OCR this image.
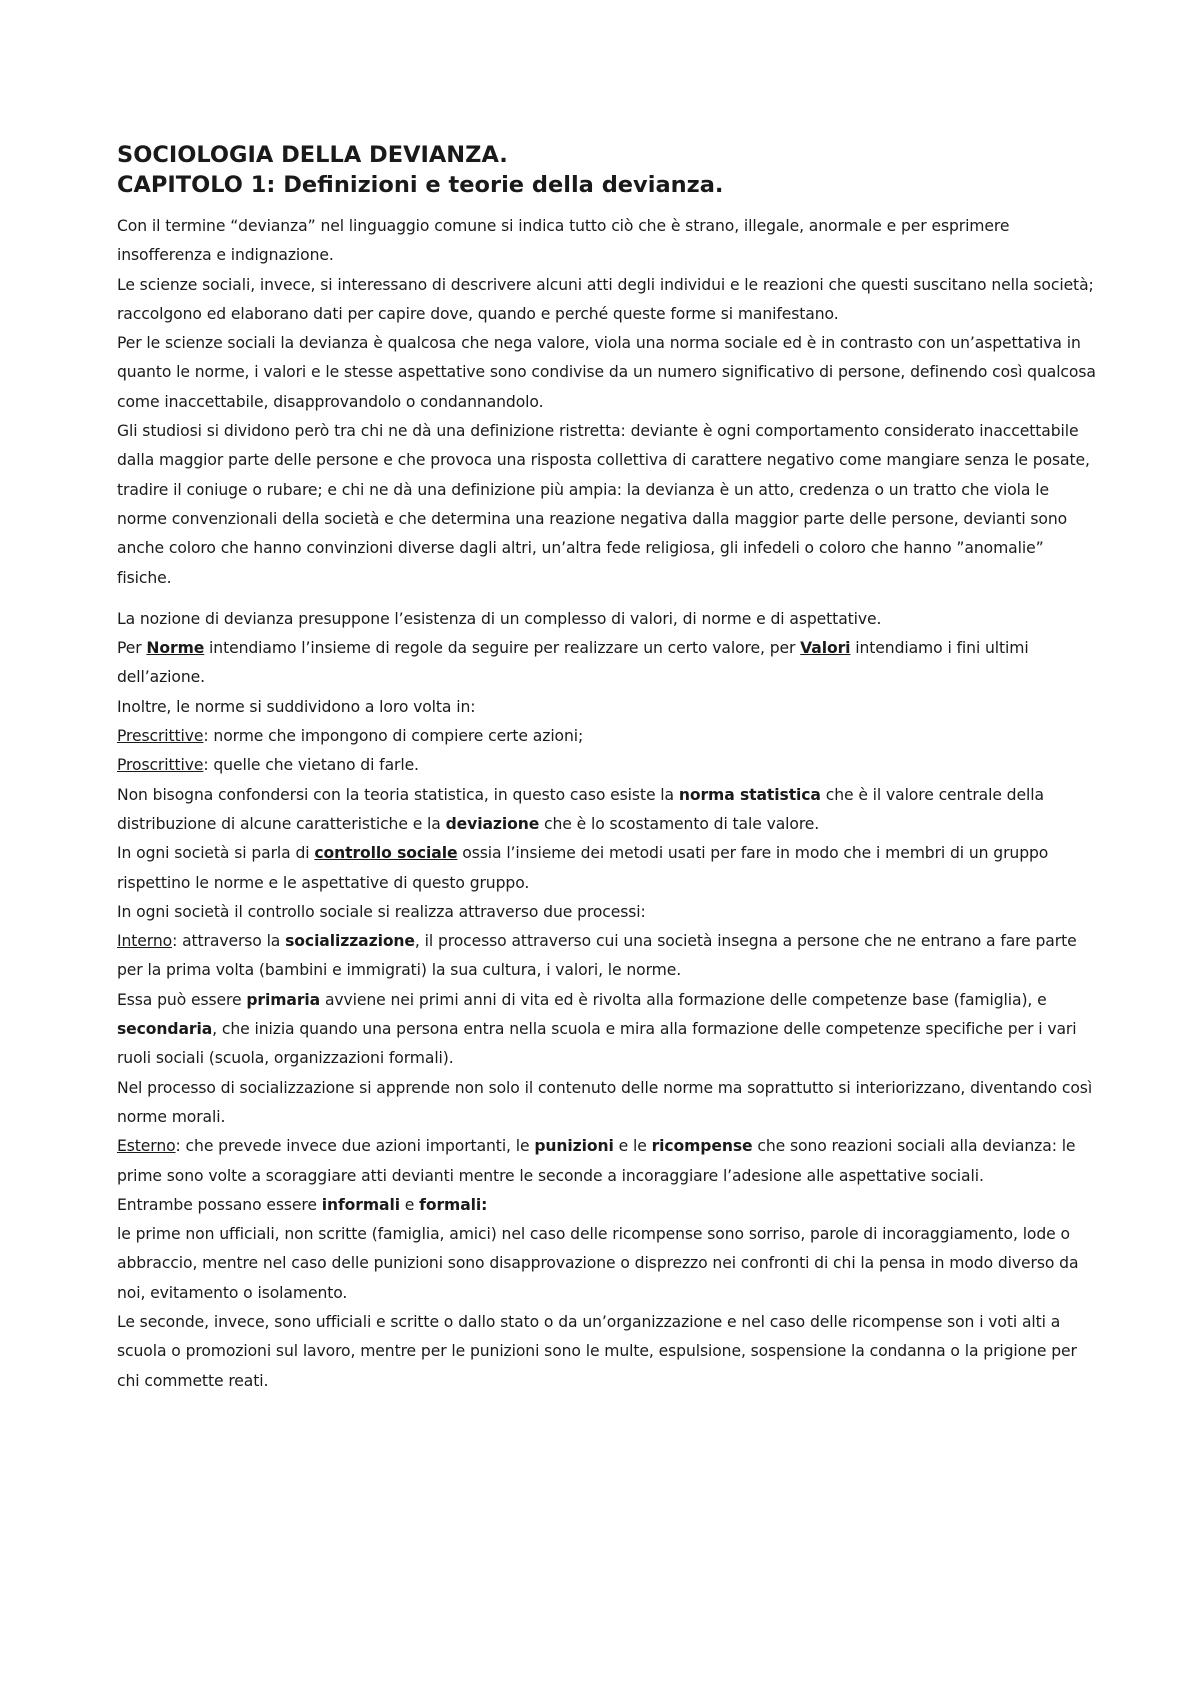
SOCIOLOGIA DELLA DEVIANZA.
CAPITOLO 1: Definizioni e teorie della devianza.

Con il termine “devianza” nel linguaggio comune si indica tutto ciò che è strano, illegale, anormale e per esprimere insofferenza e indignazione.

Le scienze sociali, invece, si interessano di descrivere alcuni atti degli individui e le reazioni che questi suscitano nella società; raccolgono ed elaborano dati per capire dove, quando e perché queste forme si manifestano.

Per le scienze sociali la devianza è qualcosa che nega valore, viola una norma sociale ed è in contrasto con un’aspettativa in quanto le norme, i valori e le stesse aspettative sono condivise da un numero significativo di persone, definendo così qualcosa come inaccettabile, disapprovandolo o condannandolo.

Gli studiosi si dividono però tra chi ne dà una definizione ristretta: deviante è ogni comportamento considerato inaccettabile dalla maggior parte delle persone e che provoca una risposta collettiva di carattere negativo come mangiare senza le posate, tradire il coniuge o rubare; e chi ne dà una definizione più ampia: la devianza è un atto, credenza o un tratto che viola le norme convenzionali della società e che determina una reazione negativa dalla maggior parte delle persone, devianti sono anche coloro che hanno convinzioni diverse dagli altri, un’altra fede religiosa, gli infedeli o coloro che hanno ”anomalie” fisiche.

La nozione di devianza presuppone l’esistenza di un complesso di valori, di norme e di aspettative.

Per Norme intendiamo l’insieme di regole da seguire per realizzare un certo valore, per Valori intendiamo i fini ultimi dell’azione.

Inoltre, le norme si suddividono a loro volta in:

Prescrittive: norme che impongono di compiere certe azioni;

Proscrittive: quelle che vietano di farle.

Non bisogna confondersi con la teoria statistica, in questo caso esiste la norma statistica che è il valore centrale della distribuzione di alcune caratteristiche e la deviazione che è lo scostamento di tale valore.

In ogni società si parla di controllo sociale ossia l’insieme dei metodi usati per fare in modo che i membri di un gruppo rispettino le norme e le aspettative di questo gruppo.

In ogni società il controllo sociale si realizza attraverso due processi:

Interno: attraverso la socializzazione, il processo attraverso cui una società insegna a persone che ne entrano a fare parte per la prima volta (bambini e immigrati) la sua cultura, i valori, le norme.

Essa può essere primaria avviene nei primi anni di vita ed è rivolta alla formazione delle competenze base (famiglia), e secondaria, che inizia quando una persona entra nella scuola e mira alla formazione delle competenze specifiche per i vari ruoli sociali (scuola, organizzazioni formali).

Nel processo di socializzazione si apprende non solo il contenuto delle norme ma soprattutto si interiorizzano, diventando così norme morali.

Esterno: che prevede invece due azioni importanti, le punizioni e le ricompense che sono reazioni sociali alla devianza: le prime sono volte a scoraggiare atti devianti mentre le seconde a incoraggiare l’adesione alle aspettative sociali.

Entrambe possano essere informali e formali:

le prime non ufficiali, non scritte (famiglia, amici) nel caso delle ricompense sono sorriso, parole di incoraggiamento, lode o abbraccio, mentre nel caso delle punizioni sono disapprovazione o disprezzo nei confronti di chi la pensa in modo diverso da noi, evitamento o isolamento.

Le seconde, invece, sono ufficiali e scritte o dallo stato o da un’organizzazione e nel caso delle ricompense son i voti alti a scuola o promozioni sul lavoro, mentre per le punizioni sono le multe, espulsione, sospensione la condanna o la prigione per chi commette reati.
